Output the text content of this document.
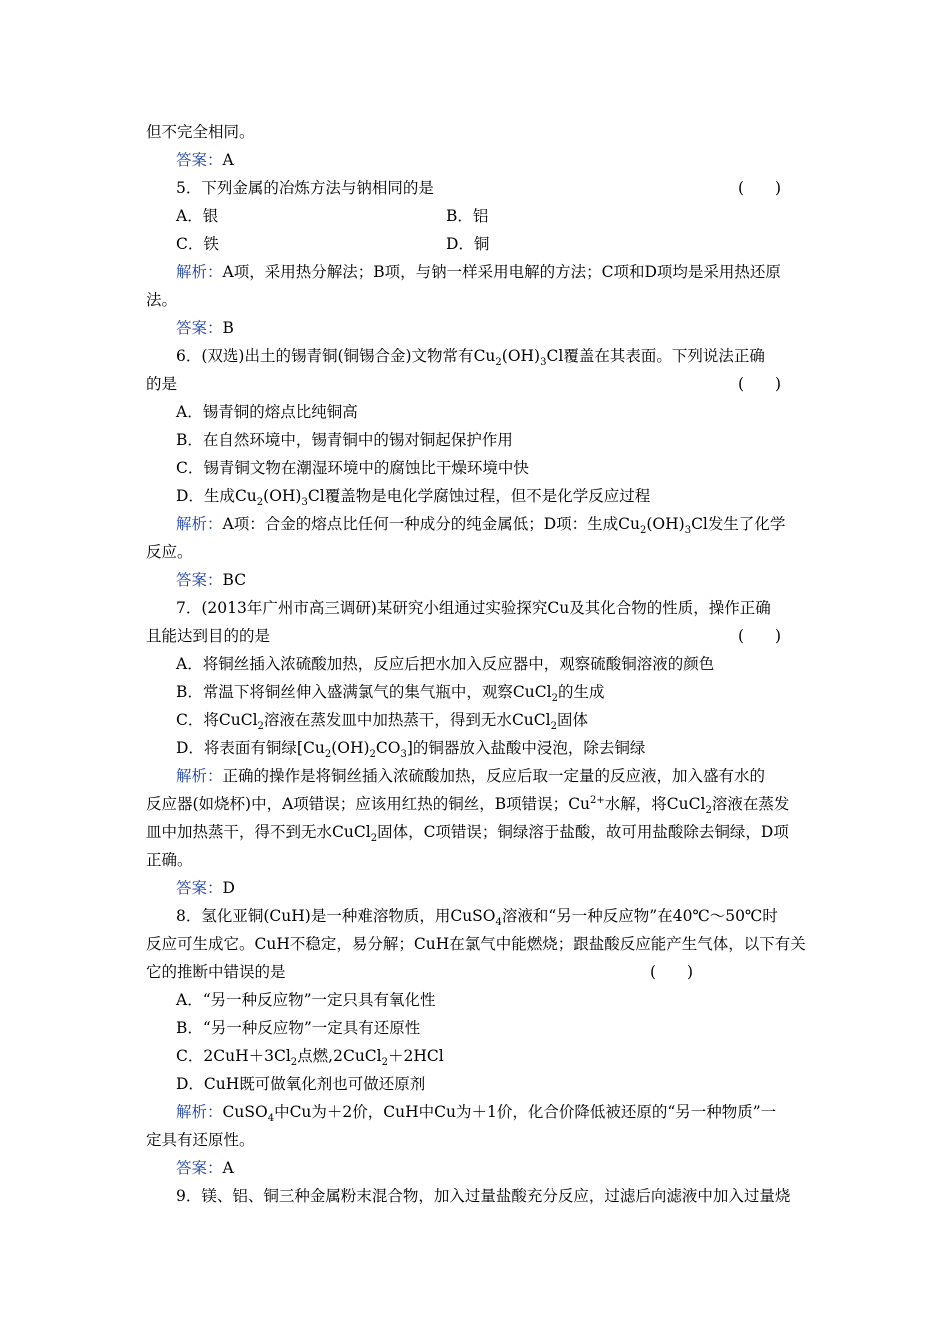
但不完全相同。
答案：A
5．下列金属的冶炼方法与钠相同的是	(　　)
A．银	B．铝
C．铁	D．铜
解析：A项，采用热分解法；B项，与钠一样采用电解的方法；C项和D项均是采用热还原
法。
答案：B
6．(双选)出土的锡青铜(铜锡合金)文物常有$Cu_2(OH)_3Cl$覆盖在其表面。下列说法正确
的是	(　　)
A．锡青铜的熔点比纯铜高
B．在自然环境中，锡青铜中的锡对铜起保护作用
C．锡青铜文物在潮湿环境中的腐蚀比干燥环境中快
D．生成$Cu_2(OH)_3Cl$覆盖物是电化学腐蚀过程，但不是化学反应过程
解析：A项：合金的熔点比任何一种成分的纯金属低；D项：生成$Cu_2(OH)_3Cl$发生了化学
反应。
答案：BC
7．(2013年广州市高三调研)某研究小组通过实验探究Cu及其化合物的性质，操作正确
且能达到目的的是	(　　)
A．将铜丝插入浓硫酸加热，反应后把水加入反应器中，观察硫酸铜溶液的颜色
B．常温下将铜丝伸入盛满氯气的集气瓶中，观察CuCl$_2$的生成
C．将CuCl$_2$溶液在蒸发皿中加热蒸干，得到无水CuCl$_2$固体
D．将表面有铜绿$[Cu_2(OH)_2CO_3]$的铜器放入盐酸中浸泡，除去铜绿
解析：正确的操作是将铜丝插入浓硫酸加热，反应后取一定量的反应液，加入盛有水的
反应器(如烧杯)中，A项错误；应该用红热的铜丝，B项错误；$Cu^{2+}$水解，将CuCl$_2$溶液在蒸发
皿中加热蒸干，得不到无水CuCl$_2$固体，C项错误；铜绿溶于盐酸，故可用盐酸除去铜绿，D项
正确。
答案：D
8．氢化亚铜(CuH)是一种难溶物质，用CuSO$_4$溶液和“另一种反应物”在40℃～50℃时
反应可生成它。CuH不稳定，易分解；CuH在氯气中能燃烧；跟盐酸反应能产生气体，以下有关
它的推断中错误的是	(　　)
A．“另一种反应物”一定只具有氧化性
B．“另一种反应物”一定具有还原性
C．$2CuH+3Cl_2$点燃,2CuCl$_2$＋2HCl
D．CuH既可做氧化剂也可做还原剂
解析：CuSO$_4$中Cu为＋2价，CuH中Cu为＋1价，化合价降低被还原的“另一种物质”一
定具有还原性。
答案：A
9．镁、铝、铜三种金属粉末混合物，加入过量盐酸充分反应，过滤后向滤液中加入过量烧
